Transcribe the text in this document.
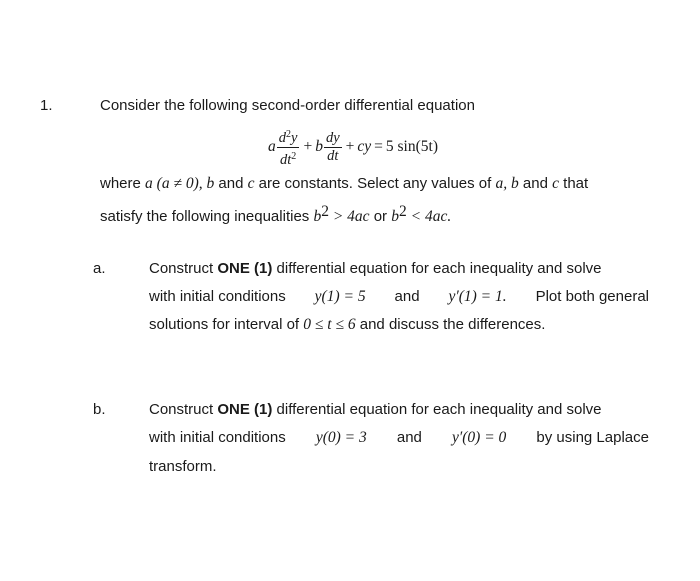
1.	Consider the following second-order differential equation
a $\frac{d^2y}{dt^2} + b \frac{dy}{dt}$ + cy = 5 sin(5t)
where a (a ≠ 0), b and c are constants. Select any values of a, b and c that
satisfy the following inequalities $b^2 > 4ac$ or $b^2 < 4ac$.
a.	Construct ONE (1) differential equation for each inequality and solve
with initial conditions y(1) = 5 and y′(1) = 1. Plot both general
solutions for interval of 0 ≤ t ≤ 6 and discuss the differences.
b.	Construct ONE (1) differential equation for each inequality and solve
with initial conditions y(0) = 3 and y′(0) = 0 by using Laplace
transform.
